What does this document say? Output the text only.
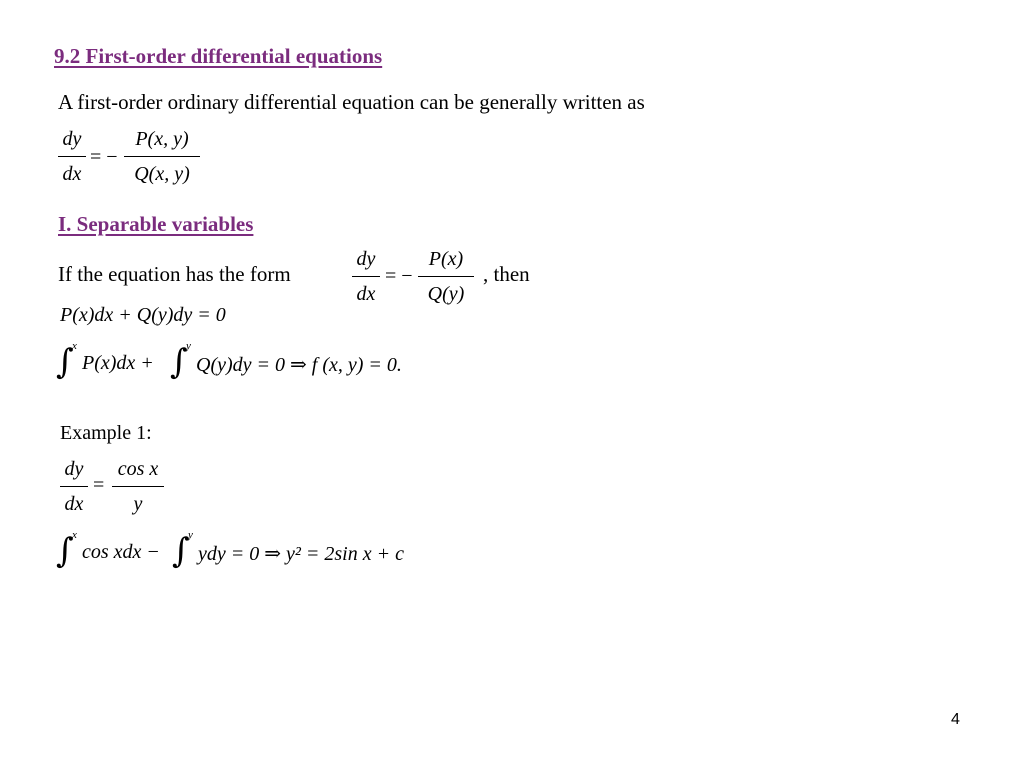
9.2 First-order differential equations
A first-order ordinary differential equation can be generally written as
dy
dx
= −
P(x, y)
Q(x, y)
I. Separable variables
If the equation has the form
dy
dx
= −
P(x)
Q(y)
, then
P(x)dx + Q(y)dy = 0
∫
x
P(x)dx + ∫
y
Q(y)dy = 0 ⇒ f (x, y) = 0.
Example 1:
dy
dx
=
cos x
y
∫
x
cos xdx − ∫
y
ydy = 0 ⇒ y² = 2sin x + c
4
